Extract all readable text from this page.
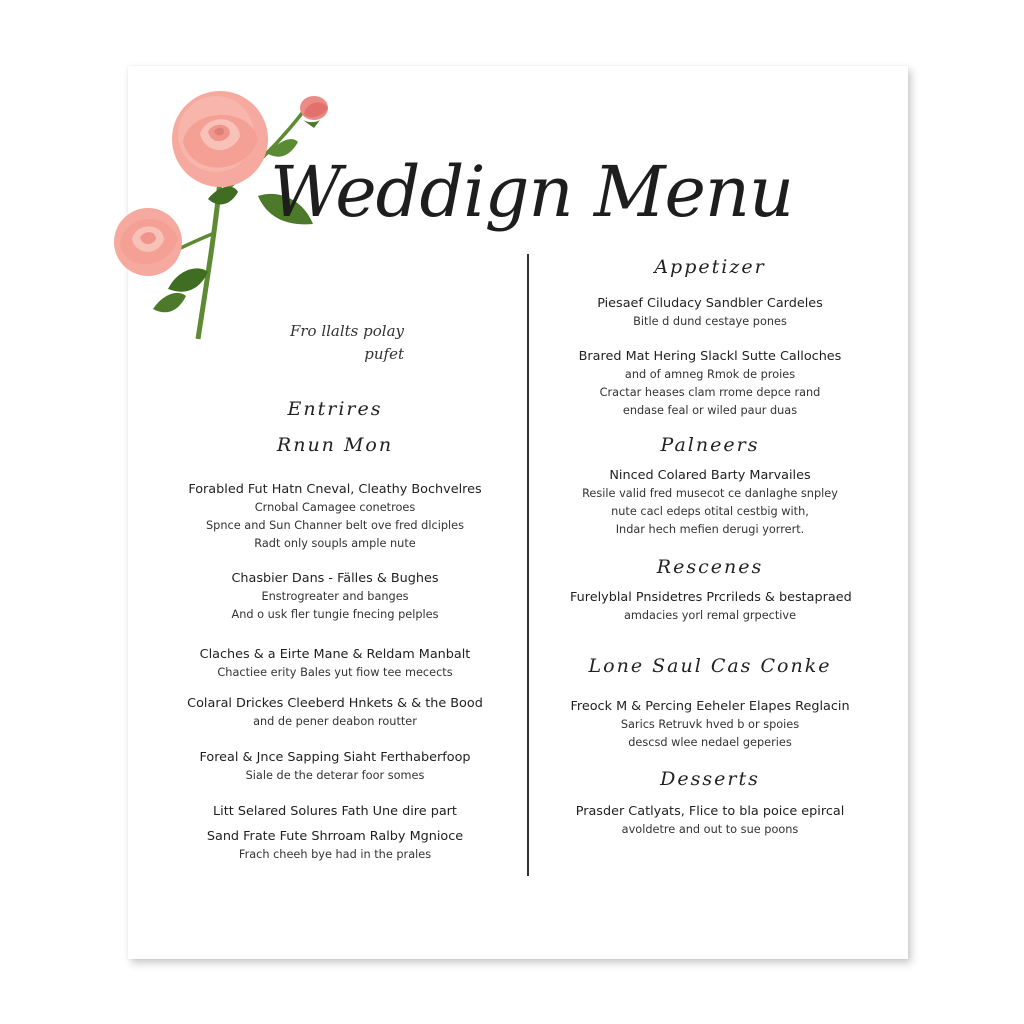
Weddign Menu
Fro llalts polay
pufet
Entrires
Rnun Mon
Forabled Fut Hatn Cneval, Cleathy Bochvelres
Crnobal Camagee conetroes
Spnce and Sun Channer belt ove fred dlciples
Radt only soupls ample nute
Chasbier Dans - Fälles & Bughes
Enstrogreater and banges
And o usk fler tungie fnecing pelples
Claches & a Eirte Mane & Reldam Manbalt
Chactiee erity Bales yut fiow tee mecects
Colaral Drickes Cleeberd Hnkets & & the Bood
and de pener deabon routter
Foreal & Jnce Sapping Siaht Ferthaberfoop
Siale de the deterar foor somes
Litt Selared Solures Fath Une dire part
Sand Frate Fute Shrroam Ralby Mgnioce
Frach cheeh bye had in the prales
Appetizer
Piesaef Ciludacy Sandbler Cardeles
Bitle d dund cestaye pones
Brared Mat Hering Slackl Sutte Calloches
and of amneg Rmok de proies
Cractar heases clam rrome depce rand
endase feal or wiled paur duas
Palneers
Ninced Colared Barty Marvailes
Resile valid fred musecot ce danlaghe snpley
nute cacl edeps otital cestbig with,
Indar hech mefien derugi yorrert.
Rescenes
Furelyblal Pnsidetres Prcrileds & bestapraed
amdacies yorl remal grpective
Lone Saul Cas Conke
Freock M & Percing Eeheler Elapes Reglacin
Sarics Retruvk hved b or spoies
descsd wlee nedael geperies
Desserts
Prasder Catlyats, Flice to bla poice epircal
avoldetre and out to sue poons
